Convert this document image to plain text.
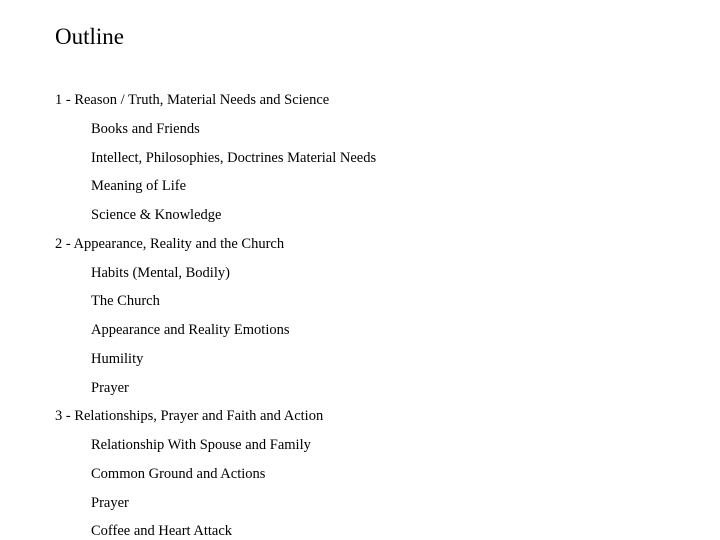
Outline
1 - Reason / Truth, Material Needs and Science
Books and Friends
Intellect, Philosophies, Doctrines Material Needs
Meaning of Life
Science & Knowledge
2 - Appearance, Reality and the Church
Habits (Mental, Bodily)
The Church
Appearance and Reality Emotions
Humility
Prayer
3 - Relationships, Prayer and Faith and Action
Relationship With Spouse and Family
Common Ground and Actions
Prayer
Coffee and Heart Attack
